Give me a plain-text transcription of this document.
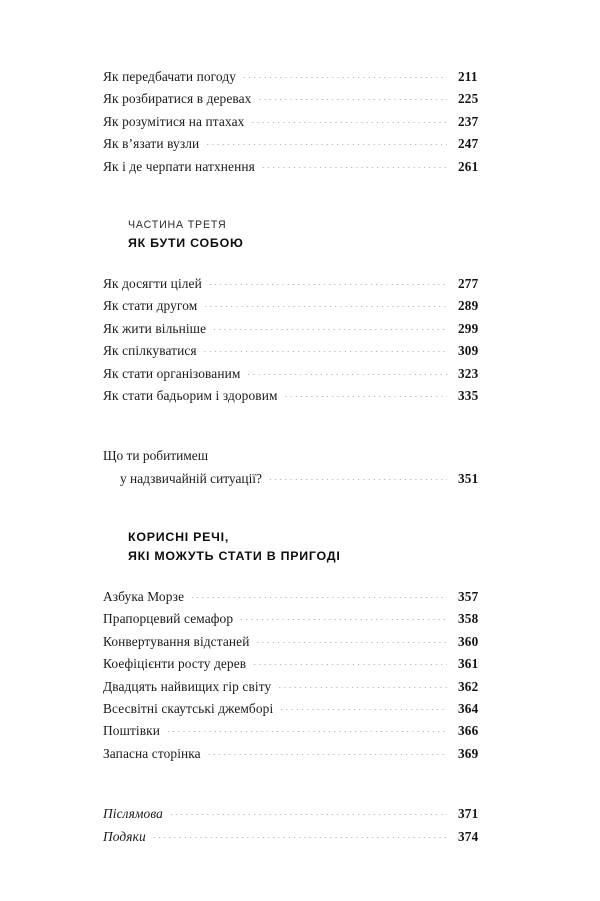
Як передбачати погоду .....	211
Як розбиратися в деревах .....	225
Як розумітися на птахах .....	237
Як в’язати вузли .....	247
Як і де черпати натхнення .....	261
ЧАСТИНА ТРЕТЯ
ЯК БУТИ СОБОЮ
Як досягти цілей .....	277
Як стати другом .....	289
Як жити вільніше .....	299
Як спілкуватися .....	309
Як стати організованим .....	323
Як стати бадьорим і здоровим .....	335
Що ти робитимеш
у надзвичайній ситуації? .....	351
КОРИСНІ РЕЧІ,
ЯКІ МОЖУТЬ СТАТИ В ПРИГОДІ
Азбука Морзе .....	357
Прапорцевий семафор .....	358
Конвертування відстаней .....	360
Коефіцієнти росту дерев .....	361
Двадцять найвищих гір світу .....	362
Всесвітні скаутські джемборі .....	364
Поштівки .....	366
Запасна сторінка .....	369
Післямова .....	371
Подяки .....	374
